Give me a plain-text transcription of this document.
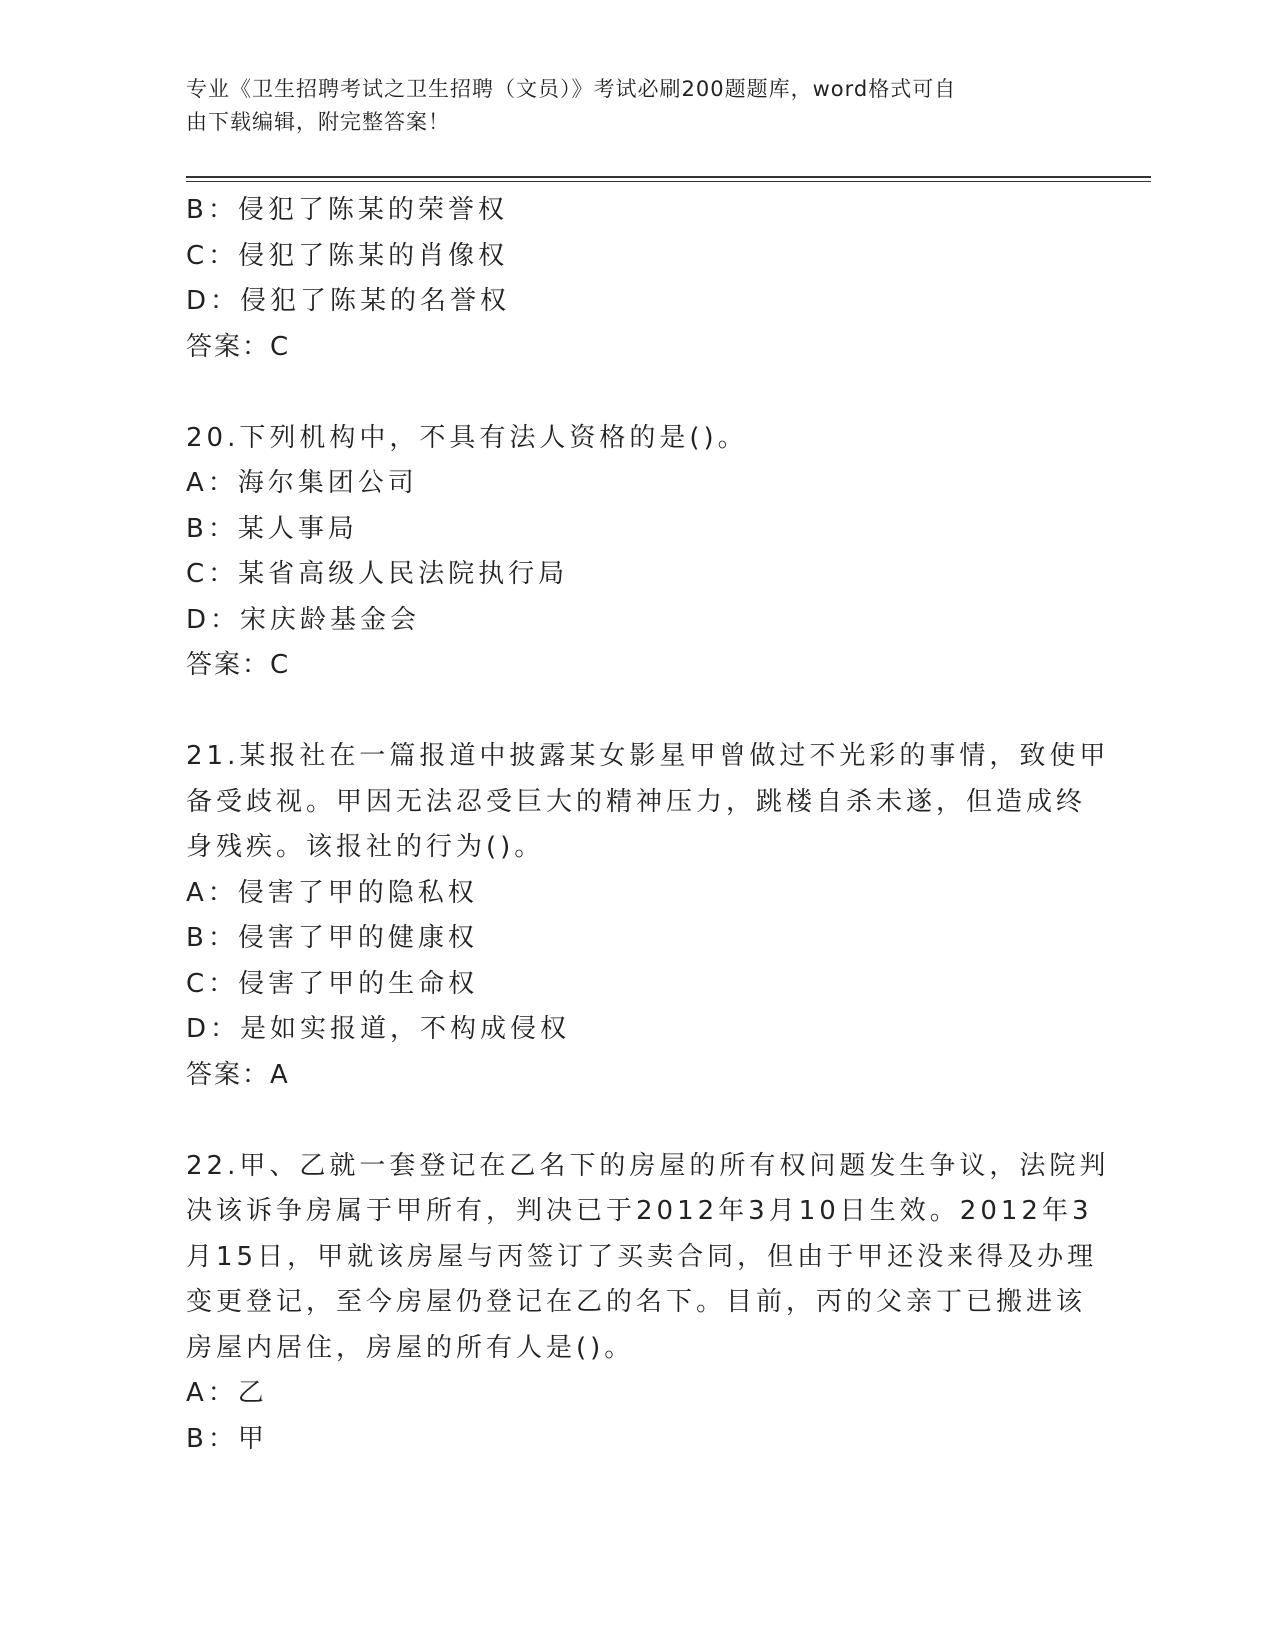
专业《卫生招聘考试之卫生招聘（文员）》考试必刷200题题库，word格式可自
由下载编辑，附完整答案！
B：侵犯了陈某的荣誉权
C：侵犯了陈某的肖像权
D：侵犯了陈某的名誉权
答案：C
20.下列机构中，不具有法人资格的是()。
A：海尔集团公司
B：某人事局
C：某省高级人民法院执行局
D：宋庆龄基金会
答案：C
21.某报社在一篇报道中披露某女影星甲曾做过不光彩的事情，致使甲
备受歧视。甲因无法忍受巨大的精神压力，跳楼自杀未遂，但造成终
身残疾。该报社的行为()。
A：侵害了甲的隐私权
B：侵害了甲的健康权
C：侵害了甲的生命权
D：是如实报道，不构成侵权
答案：A
22.甲、乙就一套登记在乙名下的房屋的所有权问题发生争议，法院判
决该诉争房属于甲所有，判决已于2012年3月10日生效。2012年3
月15日，甲就该房屋与丙签订了买卖合同，但由于甲还没来得及办理
变更登记，至今房屋仍登记在乙的名下。目前，丙的父亲丁已搬进该
房屋内居住，房屋的所有人是()。
A：乙
B：甲
